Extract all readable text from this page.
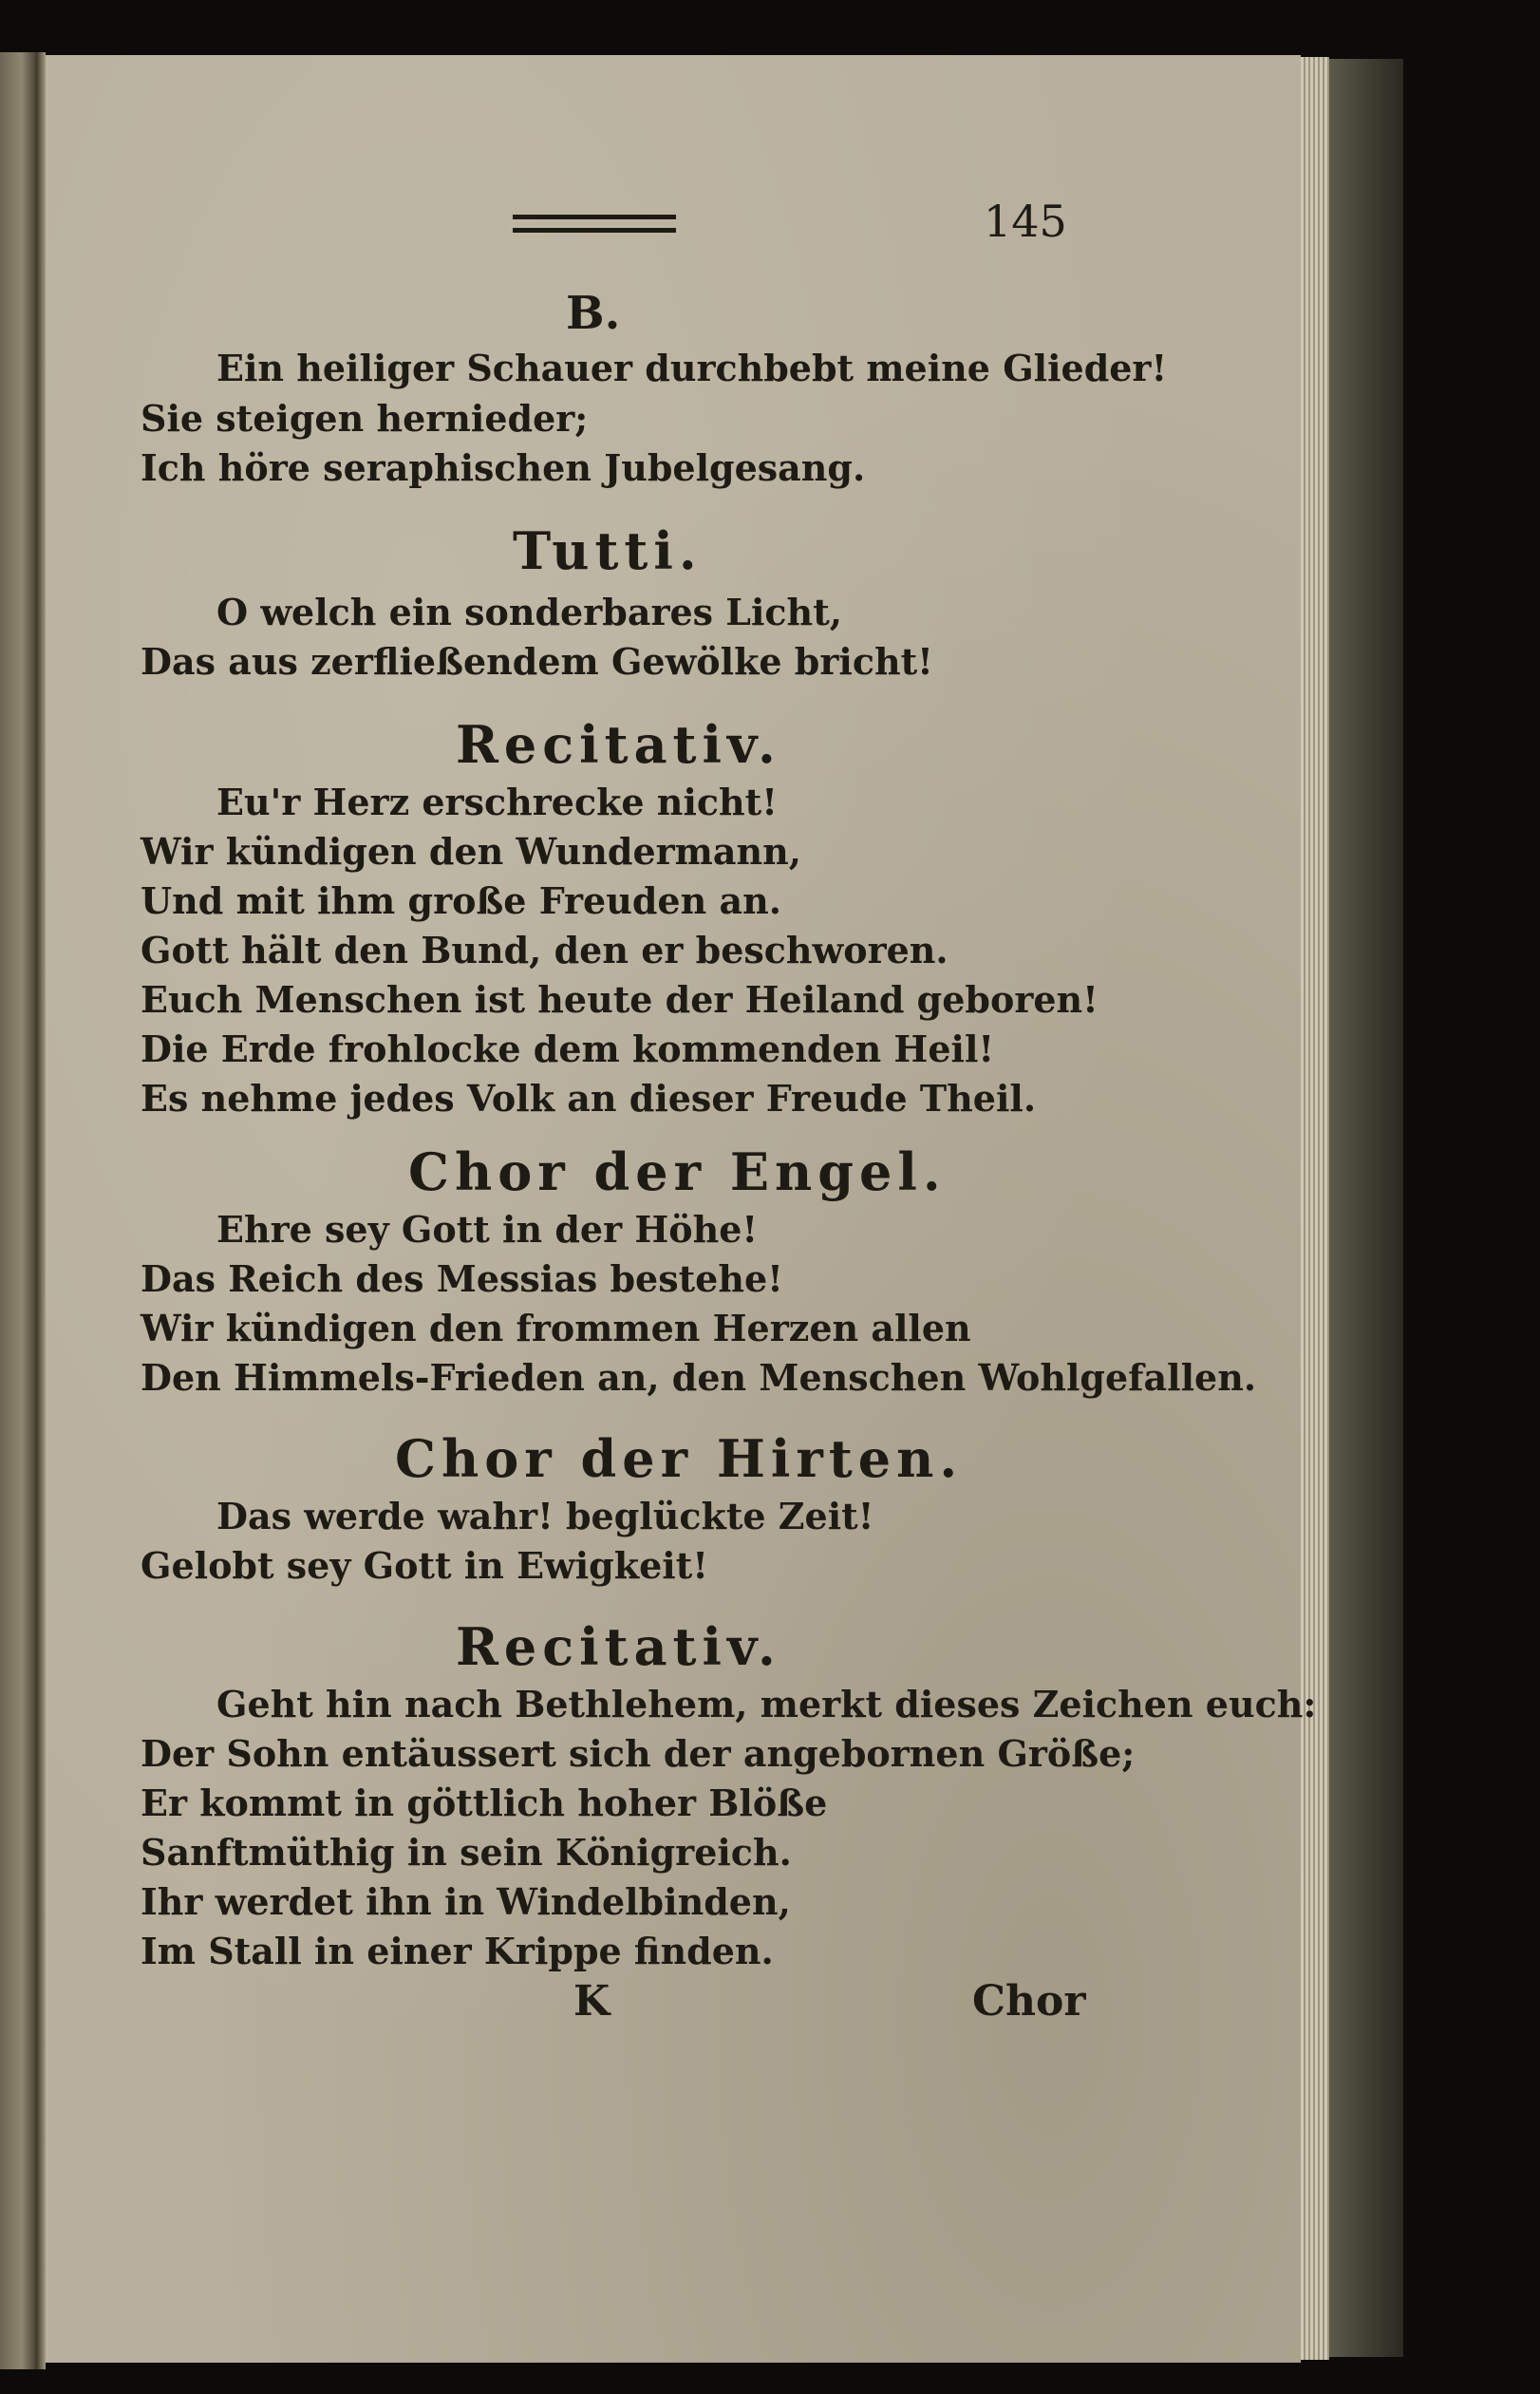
145
B.
Ein heiliger Schauer durchbebt meine Glieder!
Sie steigen hernieder;
Ich höre seraphischen Jubelgesang.
Tutti.
O welch ein sonderbares Licht,
Das aus zerfließendem Gewölke bricht!
Recitativ.
Eu'r Herz erschrecke nicht!
Wir kündigen den Wundermann,
Und mit ihm große Freuden an.
Gott hält den Bund, den er beschworen.
Euch Menschen ist heute der Heiland geboren!
Die Erde frohlocke dem kommenden Heil!
Es nehme jedes Volk an dieser Freude Theil.
Chor der Engel.
Ehre sey Gott in der Höhe!
Das Reich des Messias bestehe!
Wir kündigen den frommen Herzen allen
Den Himmels-Frieden an, den Menschen Wohlgefallen.
Chor der Hirten.
Das werde wahr! beglückte Zeit!
Gelobt sey Gott in Ewigkeit!
Recitativ.
Geht hin nach Bethlehem, merkt dieses Zeichen euch:
Der Sohn entäussert sich der angebornen Größe;
Er kommt in göttlich hoher Blöße
Sanftmüthig in sein Königreich.
Ihr werdet ihn in Windelbinden,
Im Stall in einer Krippe finden.
K	Chor
